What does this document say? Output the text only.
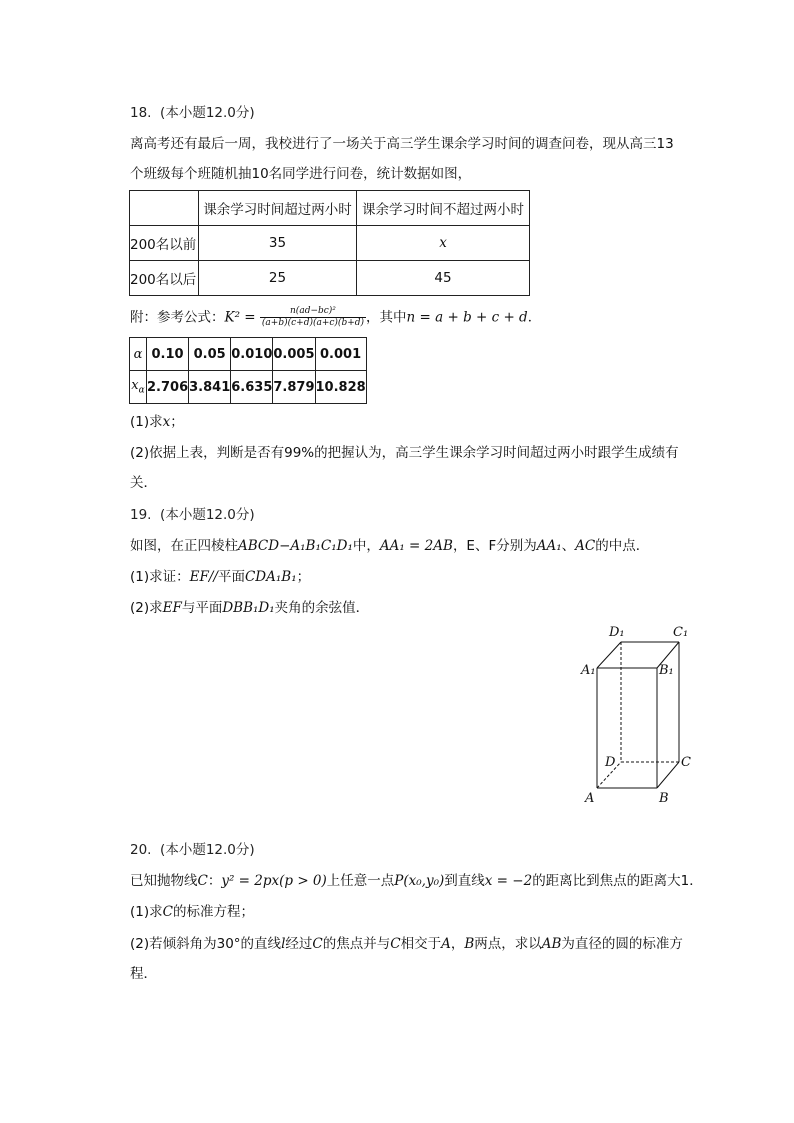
18.  (本小题12.0分)
离高考还有最后一周，我校进行了一场关于高三学生课余学习时间的调查问卷，现从高三13
个班级每个班随机抽10名同学进行问卷，统计数据如图，
	课余学习时间超过两小时	课余学习时间不超过两小时
200名以前	35	x
200名以后	25	45
附：参考公式：$K^2 = \frac{\text{n(ad−bc)²}}{(a+b)(c+d)(a+c)(b+d)}$ ，其中n = a + b + c + d．
α	0.10	0.05	0.010	0.005	0.001
$x_\alpha$	2.706	3.841	6.635	7.879	10.828
(1)求x；
(2)依据上表，判断是否有99%的把握认为，高三学生课余学习时间超过两小时跟学生成绩有
关．
19.  (本小题12.0分)
如图，在正四棱柱ABCD−A₁B₁C₁D₁中，AA₁ = 2AB，E、F分别为AA₁、AC的中点．
(1)求证：EF//平面CDA₁B₁；
(2)求EF与平面DBB₁D₁夹角的余弦值．
D₁	C₁
A₁	B₁
D	C
A	B
20.  (本小题12.0分)
已知抛物线C：y² = 2px(p > 0)上任意一点P(x₀,y₀)到直线x = −2的距离比到焦点的距离大1．
(1)求C的标准方程；
(2)若倾斜角为30°的直线l经过C的焦点并与C相交于A，B两点，求以AB为直径的圆的标准方
程．
